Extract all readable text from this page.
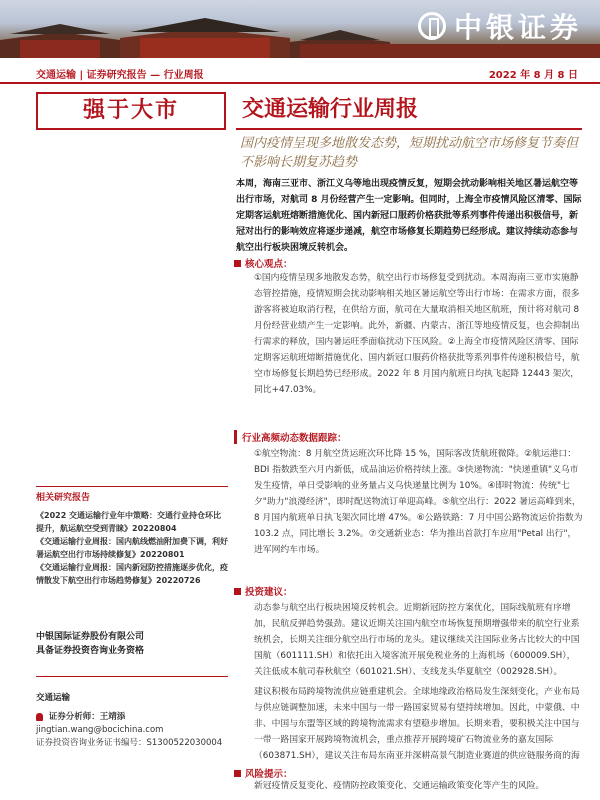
中银证券
交通运输 | 证券研究报告 — 行业周报	2022 年 8 月 8 日
强于大市	交通运输行业周报
国内疫情呈现多地散发态势，短期扰动航空市场修复节奏但不影响长期复苏趋势
本周，海南三亚市、浙江义乌等地出现疫情反复，短期会扰动影响相关地区暑运航空等出行市场，对航司 8 月份经营产生一定影响。但同时，上海全市疫情风险区清零、国际定期客运航班熔断措施优化、国内新冠口服药价格获批等系列事件传递出积极信号，新冠对出行的影响效应将逐步递减，航空市场修复长期趋势已经形成。建议持续动态参与航空出行板块困境反转机会。
核心观点：
①国内疫情呈现多地散发态势，航空出行市场修复受到扰动。本周海南三亚市实施静态管控措施，疫情短期会扰动影响相关地区暑运航空等出行市场：在需求方面，很多游客将被迫取消行程，在供给方面，航司在大量取消相关地区航班，预计将对航司 8 月份经营业绩产生一定影响。此外，新疆、内蒙古、浙江等地疫情反复，也会抑制出行需求的释放，国内暑运旺季面临扰动下压风险。②上海全市疫情风险区清零、国际定期客运航班熔断措施优化、国内新冠口服药价格获批等系列事件传递积极信号，航空市场修复长期趋势已经形成。2022 年 8 月国内航班日均执飞起降 12443 架次，同比+47.03%。
行业高频动态数据跟踪：
①航空物流：8 月航空货运班次环比降 15 %，国际客改货航班微降。②航运港口：BDI 指数跌至六月内新低，成品油运价格持续上涨。③快递物流："快递重镇"义乌市发生疫情，单日受影响的业务量占义乌快递量比例为 10%。④即时物流：传统"七夕"助力"浪漫经济"，即时配送物流订单迎高峰。⑤航空出行：2022 暑运高峰到来，8 月国内航班单日执飞架次同比增 47%。⑥公路铁路：7 月中国公路物流运价指数为 103.2 点，同比增长 3.2%。⑦交通新业态：华为推出首款打车应用"Petal 出行"，进军网约车市场。
投资建议：
动态参与航空出行板块困境反转机会。近期新冠防控方案优化，国际线航班有序增加，民航反弹趋势强劲。建议近期关注国内航空市场恢复预期增强带来的航空行业系统机会，长期关注细分航空出行市场的龙头。建议继续关注国际业务占比较大的中国国航（601111.SH）和依托出入境客流开展免税业务的上海机场（600009.SH），关注低成本航司春秋航空（601021.SH）、支线龙头华夏航空（002928.SH）。
建议积极布局跨境物流供应链重建机会。全球地缘政治格局发生深刻变化，产业布局与供应链调整加速，未来中国与一带一路国家贸易有望持续增加。因此，中蒙俄、中非、中国与东盟等区域的跨境物流需求有望稳步增加。长期来看，要积极关注中国与一带一路国家开展跨境物流机会，重点推荐开展跨境矿石物流业务的嘉友国际（603871.SH），建议关注布局东南亚并深耕高景气制造业赛道的供应链服务商的海
风险提示：
新冠疫情反复变化、疫情防控政策变化、交通运输政策变化等产生的风险。
相关研究报告
《2022 交通运输行业年中策略：交通行业持仓环比提升，航运航空受到青睐》20220804
《交通运输行业周报：国内航线燃油附加费下调，利好暑运航空出行市场持续修复》20220801
《交通运输行业周报：国内新冠防控措施逐步优化，疫情散发下航空出行市场趋势修复》20220726
中银国际证券股份有限公司
具备证券投资咨询业务资格
交通运输
证券分析师：王靖添
jingtian.wang@bocichina.com
证券投资咨询业务证书编号：S1300522030004
